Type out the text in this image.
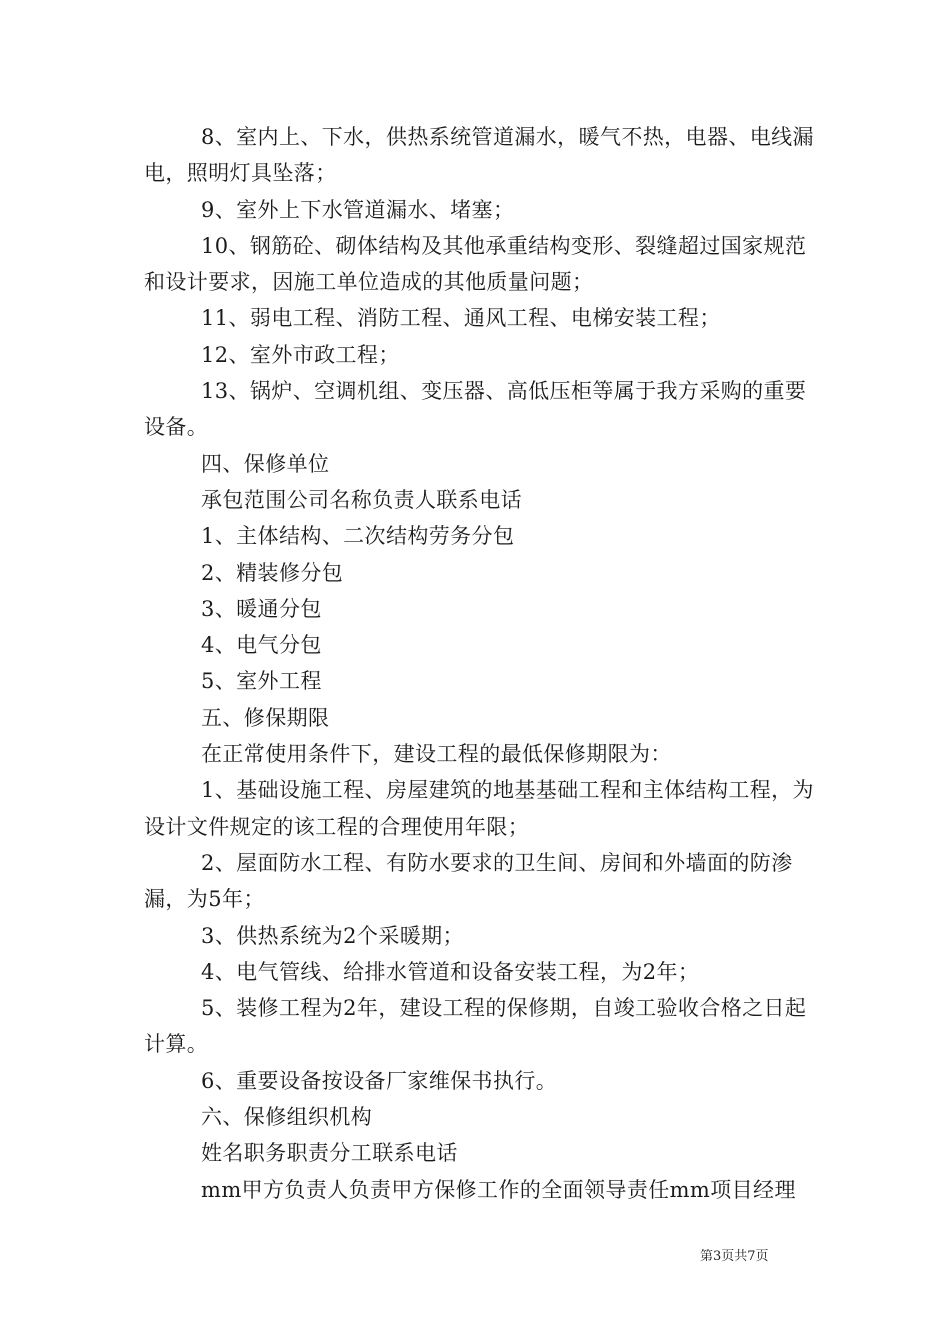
8、室内上、下水，供热系统管道漏水，暖气不热，电器、电线漏电，照明灯具坠落；

9、室外上下水管道漏水、堵塞；

10、钢筋砼、砌体结构及其他承重结构变形、裂缝超过国家规范和设计要求，因施工单位造成的其他质量问题；

11、弱电工程、消防工程、通风工程、电梯安装工程；

12、室外市政工程；

13、锅炉、空调机组、变压器、高低压柜等属于我方采购的重要设备。

四、保修单位

承包范围公司名称负责人联系电话

1、主体结构、二次结构劳务分包

2、精装修分包

3、暖通分包

4、电气分包

5、室外工程

五、修保期限

在正常使用条件下，建设工程的最低保修期限为：

1、基础设施工程、房屋建筑的地基基础工程和主体结构工程，为设计文件规定的该工程的合理使用年限；

2、屋面防水工程、有防水要求的卫生间、房间和外墙面的防渗漏，为5年；

3、供热系统为2个采暖期；

4、电气管线、给排水管道和设备安装工程，为2年；

5、装修工程为2年，建设工程的保修期，自竣工验收合格之日起计算。

6、重要设备按设备厂家维保书执行。

六、保修组织机构

姓名职务职责分工联系电话

mm甲方负责人负责甲方保修工作的全面领导责任mm项目经理

第3页共7页
